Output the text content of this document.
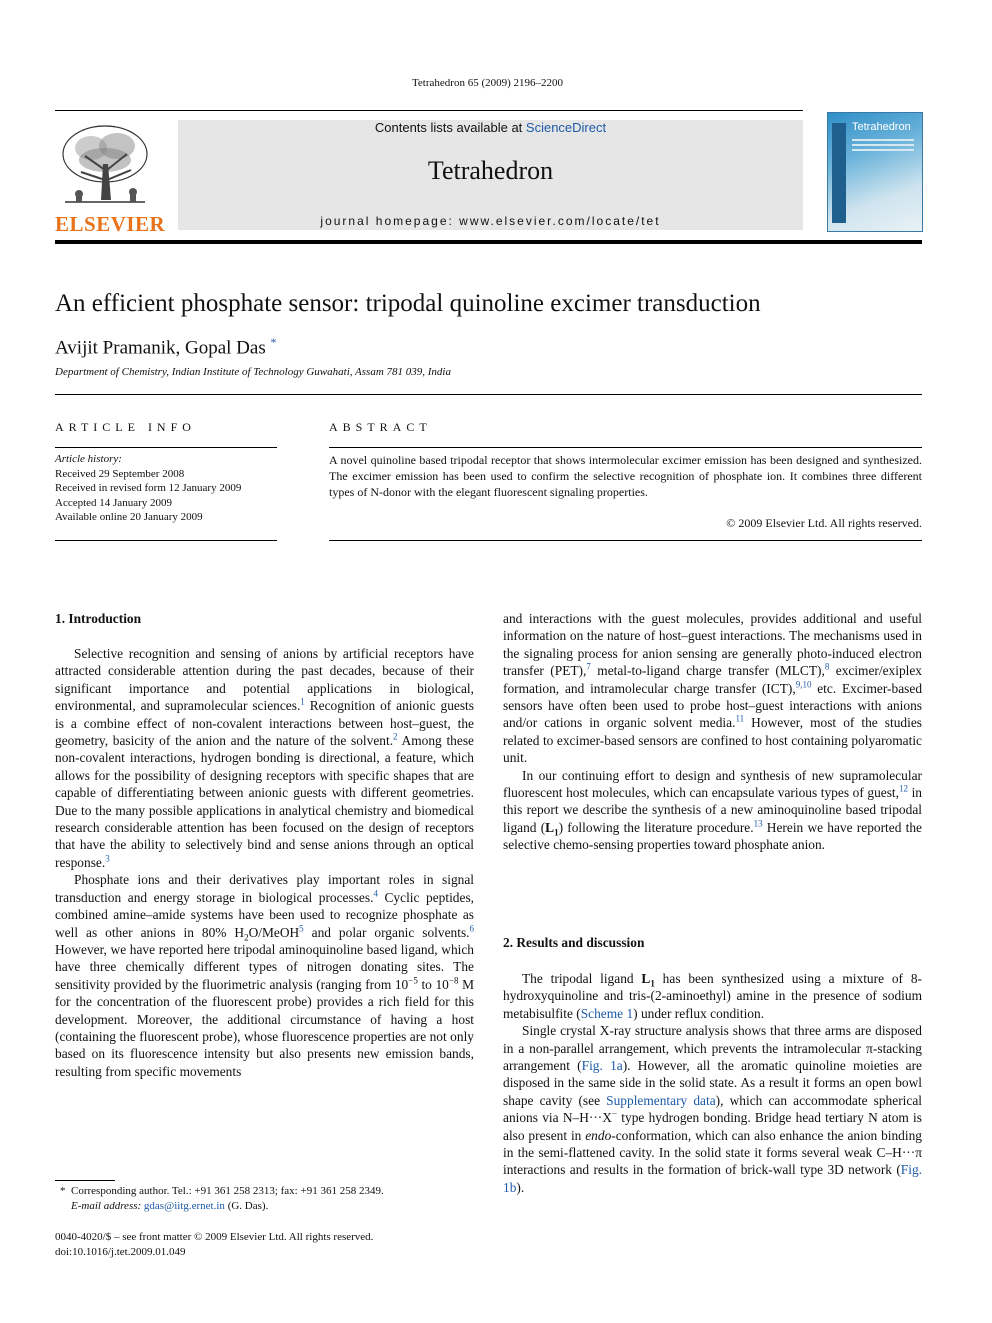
Tetrahedron 65 (2009) 2196–2200
ELSEVIER
Contents lists available at ScienceDirect
Tetrahedron
journal homepage: www.elsevier.com/locate/tet
Tetrahedron
An efficient phosphate sensor: tripodal quinoline excimer transduction
Avijit Pramanik, Gopal Das *
Department of Chemistry, Indian Institute of Technology Guwahati, Assam 781 039, India
ARTICLE INFO	ABSTRACT
Article history:
Received 29 September 2008
Received in revised form 12 January 2009
Accepted 14 January 2009
Available online 20 January 2009
A novel quinoline based tripodal receptor that shows intermolecular excimer emission has been designed and synthesized. The excimer emission has been used to confirm the selective recognition of phosphate ion. It combines three different types of N-donor with the elegant fluorescent signaling properties.
© 2009 Elsevier Ltd. All rights reserved.
1. Introduction

Selective recognition and sensing of anions by artificial receptors have attracted considerable attention during the past decades, because of their significant importance and potential applications in biological, environmental, and supramolecular sciences.$^1$ Recognition of anionic guests is a combine effect of non-covalent interactions between host–guest, the geometry, basicity of the anion and the nature of the solvent.$^2$ Among these non-covalent interactions, hydrogen bonding is directional, a feature, which allows for the possibility of designing receptors with specific shapes that are capable of differentiating between anionic guests with different geometries. Due to the many possible applications in analytical chemistry and biomedical research considerable attention has been focused on the design of receptors that have the ability to selectively bind and sense anions through an optical response.$^3$

Phosphate ions and their derivatives play important roles in signal transduction and energy storage in biological processes.$^4$ Cyclic peptides, combined amine–amide systems have been used to recognize phosphate as well as other anions in 80% $H_2O/MeOH^5$ and polar organic solvents.$^6$ However, we have reported here tripodal aminoquinoline based ligand, which have three chemically different types of nitrogen donating sites. The sensitivity provided by the fluorimetric analysis (ranging from $10^{-5}$ to $10^{-8}$ M for the concentration of the fluorescent probe) provides a rich field for this development. Moreover, the additional circumstance of having a host (containing the fluorescent probe), whose fluorescence properties are not only based on its fluorescence intensity but also presents new emission bands, resulting from specific movements

and interactions with the guest molecules, provides additional and useful information on the nature of host–guest interactions. The mechanisms used in the signaling process for anion sensing are generally photo-induced electron transfer (PET),$^7$ metal-to-ligand charge transfer (MLCT),$^8$ excimer/exiplex formation, and intramolecular charge transfer (ICT),$^{9,10}$ etc. Excimer-based sensors have often been used to probe host–guest interactions with anions and/or cations in organic solvent media.$^{11}$ However, most of the studies related to excimer-based sensors are confined to host containing polyaromatic unit.

In our continuing effort to design and synthesis of new supramolecular fluorescent host molecules, which can encapsulate various types of guest,$^{12}$ in this report we describe the synthesis of a new aminoquinoline based tripodal ligand $(L_1)$ following the literature procedure.$^{13}$ Herein we have reported the selective chemo-sensing properties toward phosphate anion.

2. Results and discussion

The tripodal ligand $L_1$ has been synthesized using a mixture of 8-hydroxyquinoline and tris-(2-aminoethyl) amine in the presence of sodium metabisulfite (Scheme 1) under reflux condition.

Single crystal X-ray structure analysis shows that three arms are disposed in a non-parallel arrangement, which prevents the intramolecular π-stacking arrangement (Fig. 1a). However, all the aromatic quinoline moieties are disposed in the same side in the solid state. As a result it forms an open bowl shape cavity (see Supplementary data), which can accommodate spherical anions via N–H···X− type hydrogen bonding. Bridge head tertiary N atom is also present in endo-conformation, which can also enhance the anion binding in the semi-flattened cavity. In the solid state it forms several weak C–H···π interactions and results in the formation of brick-wall type 3D network (Fig. 1b).

* Corresponding author. Tel.: +91 361 258 2313; fax: +91 361 258 2349.
E-mail address: gdas@iitg.ernet.in (G. Das).
0040-4020/$ – see front matter © 2009 Elsevier Ltd. All rights reserved.
doi:10.1016/j.tet.2009.01.049
